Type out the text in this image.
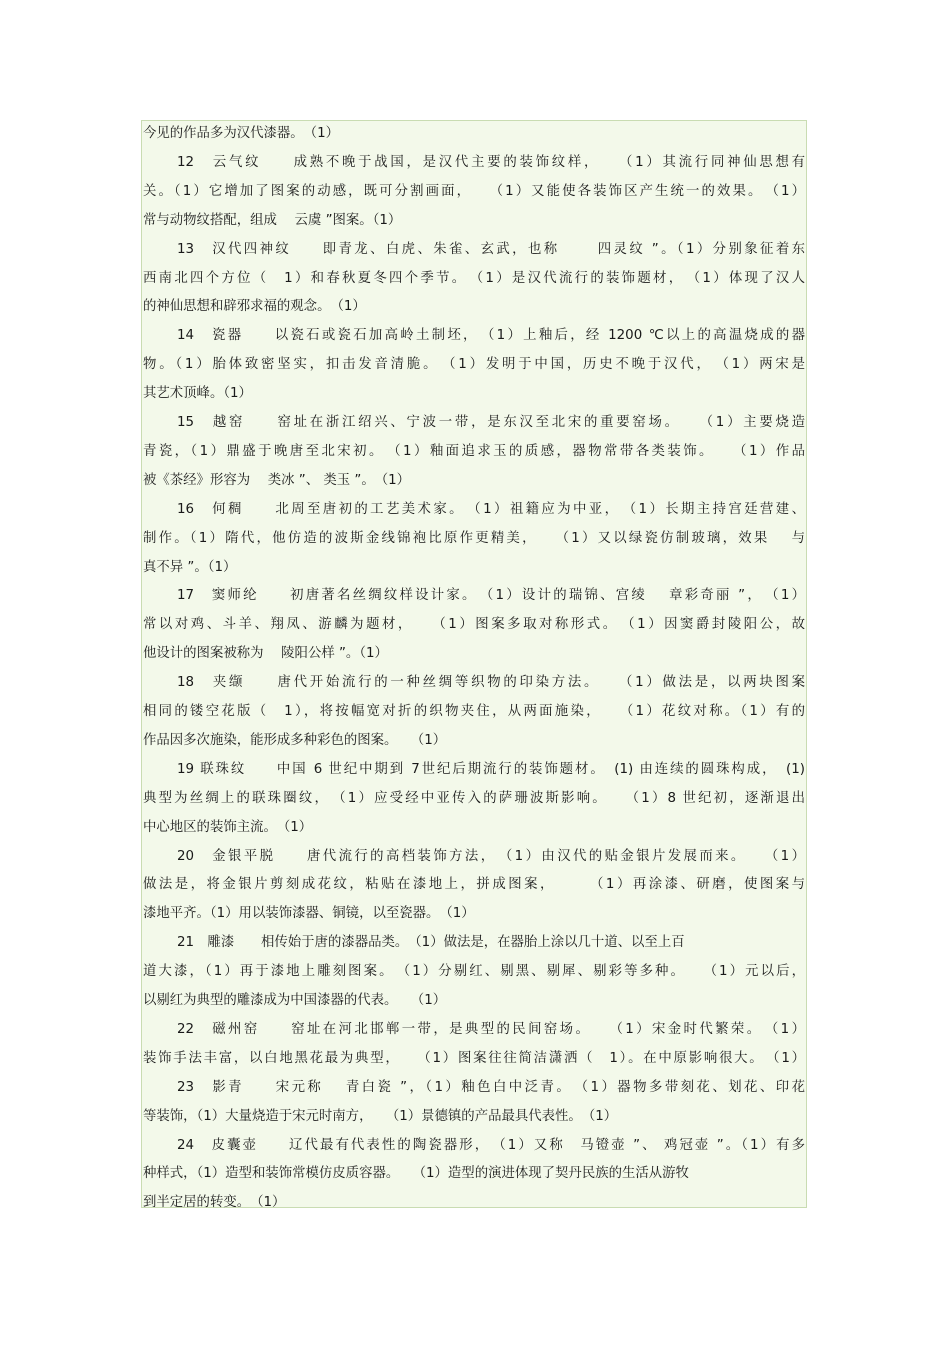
今见的作品多为汉代漆器。　（1）
12　云气纹　　成熟不晚于战国，是汉代主要的装饰纹样，　　（1）其流行同神仙思想有
关。（1）它增加了图案的动感，既可分割画面，　　（1）又能使各装饰区产生统一的效果。　（1）
常与动物纹搭配，组成　 云虞 ”图案。（1）
13　汉代四神纹　　即青龙、白虎、朱雀、玄武，也称　　 四灵纹 ”。（1）分别象征着东
西南北四个方位（　1）和春秋夏冬四个季节。　（1）是汉代流行的装饰题材，　（1）体现了汉人
的神仙思想和辟邪求福的观念。　（1）
14　瓷器　　以瓷石或瓷石加高岭土制坯，　（1）上釉后，经 1200 ℃以上的高温烧成的器
物。（1）胎体致密坚实，扣击发音清脆。　（1）发明于中国，历史不晚于汉代，　（1）两宋是
其艺术顶峰。（1）
15　越窑　　窑址在浙江绍兴、宁波一带，是东汉至北宋的重要窑场。　　（1）主要烧造
青瓷，（1）鼎盛于晚唐至北宋初。　（1）釉面追求玉的质感，器物常带各类装饰。　　（1）作品
被《茶经》形容为　 类冰 ”、 类玉 ”。　（1）
16　何稠　　北周至唐初的工艺美术家。　（1）祖籍应为中亚，　（1）长期主持宫廷营建、
制作。（1）隋代，他仿造的波斯金线锦袍比原作更精美，　　（1）又以绿瓷仿制玻璃，效果　 与
真不异 ”。（1）
17　窦师纶　　初唐著名丝绸纹样设计家。　（1）设计的瑞锦、宫绫　 章彩奇丽 ”，　（1）
常以对鸡、斗羊、翔凤、游麟为题材，　　（1）图案多取对称形式。　（1）因窦爵封陵阳公，故
他设计的图案被称为　 陵阳公样 ”。（1）
18　夹缬　　唐代开始流行的一种丝绸等织物的印染方法。　　（1）做法是，以两块图案
相同的镂空花版（　1），将按幅宽对折的织物夹住，从两面施染，　　（1）花纹对称。（1）有的
作品因多次施染，能形成多种彩色的图案。　　（1）
19 联珠纹　　中国 6 世纪中期到 7世纪后期流行的装饰题材。　(1) 由连续的圆珠构成，　(1)
典型为丝绸上的联珠圈纹，　（1）应受经中亚传入的萨珊波斯影响。　　（1）8 世纪初，逐渐退出
中心地区的装饰主流。　（1）
20　金银平脱　　唐代流行的高档装饰方法，　（1）由汉代的贴金银片发展而来。　　（1）
做法是，将金银片剪刻成花纹，粘贴在漆地上，拼成图案，　　　（1）再涂漆、研磨，使图案与
漆地平齐。（1）用以装饰漆器、铜镜，以至瓷器。　（1）
21　雕漆　　相传始于唐的漆器品类。　（1）做法是，在器胎上涂以几十道、以至上百
道大漆，（1）再于漆地上雕刻图案。　（1）分剔红、剔黑、剔犀、剔彩等多种。　　（1）元以后，
以剔红为典型的雕漆成为中国漆器的代表。　　（1）
22　磁州窑　　窑址在河北邯郸一带，是典型的民间窑场。　　（1）宋金时代繁荣。　（1）
装饰手法丰富，以白地黑花最为典型，　　（1）图案往往简洁潇洒（　1）。在中原影响很大。　（1）
23　影青　　宋元称　 青白瓷 ”，（1）釉色白中泛青。　（1）器物多带刻花、划花、印花
等装饰，（1）大量烧造于宋元时南方，　　（1）景德镇的产品最具代表性。　（1）
24　皮囊壶　　辽代最有代表性的陶瓷器形，　（1）又称　马镫壶 ”、 鸡冠壶 ”。（1）有多
种样式，（1）造型和装饰常模仿皮质容器。　　（1）造型的演进体现了契丹民族的生活从游牧
到半定居的转变。　（1）
